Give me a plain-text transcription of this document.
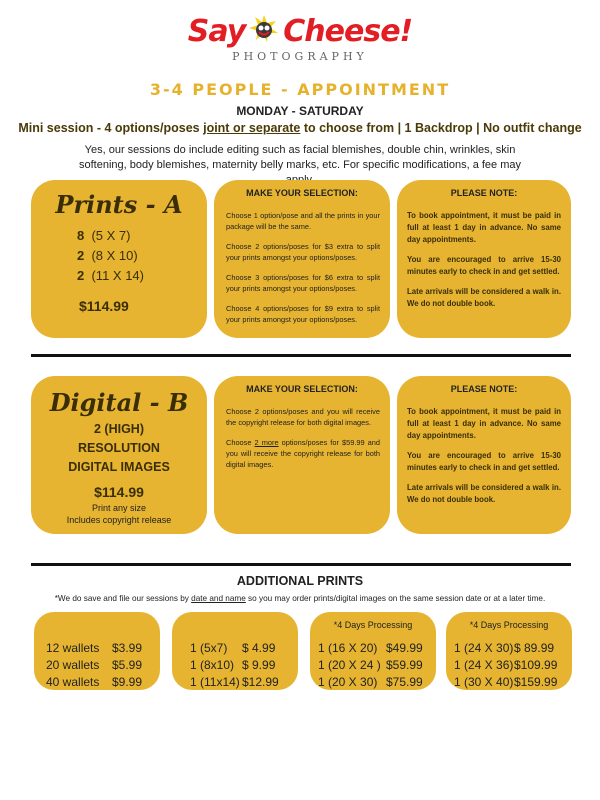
Say Cheese!
PHOTOGRAPHY
3-4 PEOPLE - APPOINTMENT
MONDAY - SATURDAY
Mini session - 4 options/poses joint or separate to choose from | 1 Backdrop | No outfit change
Yes, our sessions do include editing such as facial blemishes, double chin, wrinkles, skin softening, body blemishes, maternity belly marks, etc. For specific modifications, a fee may
Prints - A
8 (5 X 7)
2 (8 X 10)
2 (11 X 14)
$114.99
MAKE YOUR SELECTION:

Choose 1 option/pose and all the prints in your package will be the same.

Choose 2 options/poses for $3 extra to split your prints amongst your options/poses.

Choose 3 options/poses for $6 extra to split your prints amongst your options/poses.

Choose 4 options/poses for $9 extra to split your prints amongst your options/poses.

PLEASE NOTE:

To book appointment, it must be paid in full at least 1 day in advance. No same day appointments.

You are encouraged to arrive 15-30 minutes early to check in and get settled.

Late arrivals will be considered a walk in. We do not double book.

Digital - B
2 (HIGH)
RESOLUTION
DIGITAL IMAGES
$114.99
Print any size
Includes copyright release
MAKE YOUR SELECTION:

Choose 2 options/poses and you will receive the copyright release for both digital images.

Choose 2 more options/poses for $59.99 and you will receive the copyright release for both digital images.

PLEASE NOTE:

To book appointment, it must be paid in full at least 1 day in advance. No same day appointments.

You are encouraged to arrive 15-30 minutes early to check in and get settled.

Late arrivals will be considered a walk in. We do not double book.

ADDITIONAL PRINTS
*We do save and file our sessions by date and name so you may order prints/digital images on the same session date or at a later time.
12 wallets	$3.99
20 wallets	$5.99
40 wallets	$9.99
1 (5x7)	$ 4.99
1 (8x10) $ 9.99
1 (11x14) $12.99
*4 Days Processing
1 (16 X 20) $49.99
1 (20 X 24 ) $59.99
1 (20 X 30) $75.99
*4 Days Processing
1 (24 X 30) $ 89.99
1 (24 X 36) $109.99
1 (30 X 40) $159.99
